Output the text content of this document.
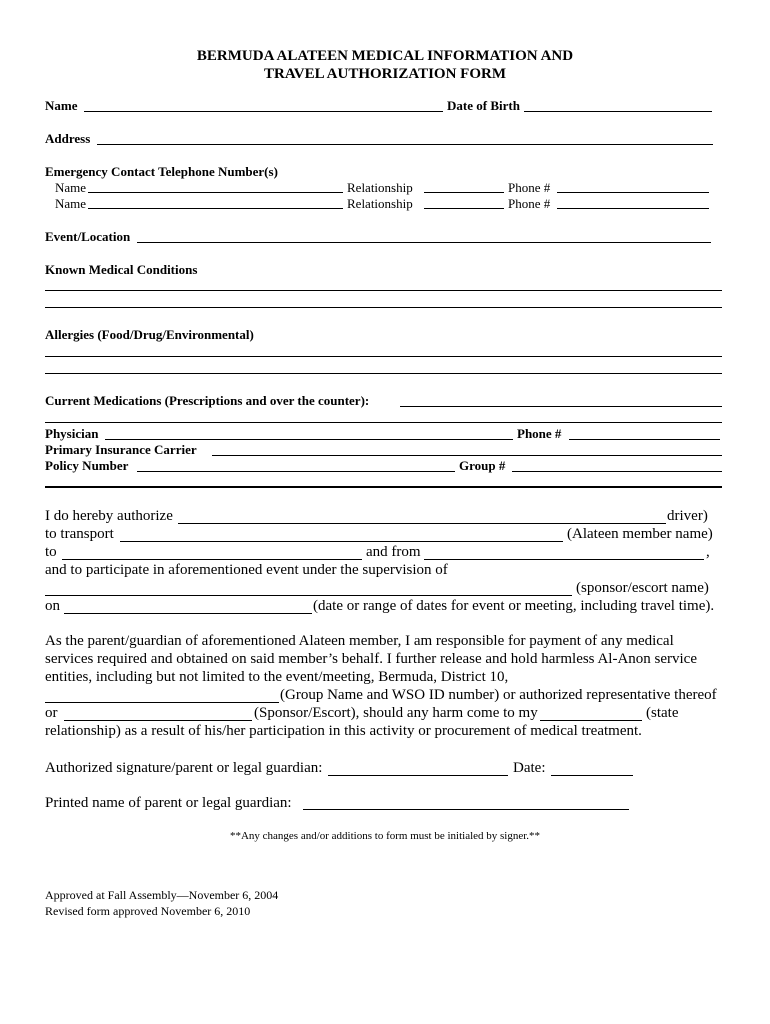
BERMUDA ALATEEN MEDICAL INFORMATION AND
TRAVEL AUTHORIZATION FORM
Name	Date of Birth
Address
Emergency Contact Telephone Number(s)
Name	Relationship	Phone #
Name	Relationship	Phone #
Event/Location
Known Medical Conditions
Allergies (Food/Drug/Environmental)
Current Medications (Prescriptions and over the counter):
Physician	Phone #
Primary Insurance Carrier
Policy Number	Group #
I do hereby authorize	driver)
to transport	(Alateen member name)
to	and from	,
and to participate in aforementioned event under the supervision of
(sponsor/escort name)
on	(date or range of dates for event or meeting, including travel time).
As the parent/guardian of aforementioned Alateen member, I am responsible for payment of any medical
services required and obtained on said member’s behalf. I further release and hold harmless Al-Anon service
entities, including but not limited to the event/meeting, Bermuda, District 10,
(Group Name and WSO ID number) or authorized representative thereof
or	(Sponsor/Escort), should any harm come to my	(state
relationship) as a result of his/her participation in this activity or procurement of medical treatment.
Authorized signature/parent or legal guardian:	Date:
Printed name of parent or legal guardian:
**Any changes and/or additions to form must be initialed by signer.**
Approved at Fall Assembly—November 6, 2004
Revised form approved November 6, 2010
